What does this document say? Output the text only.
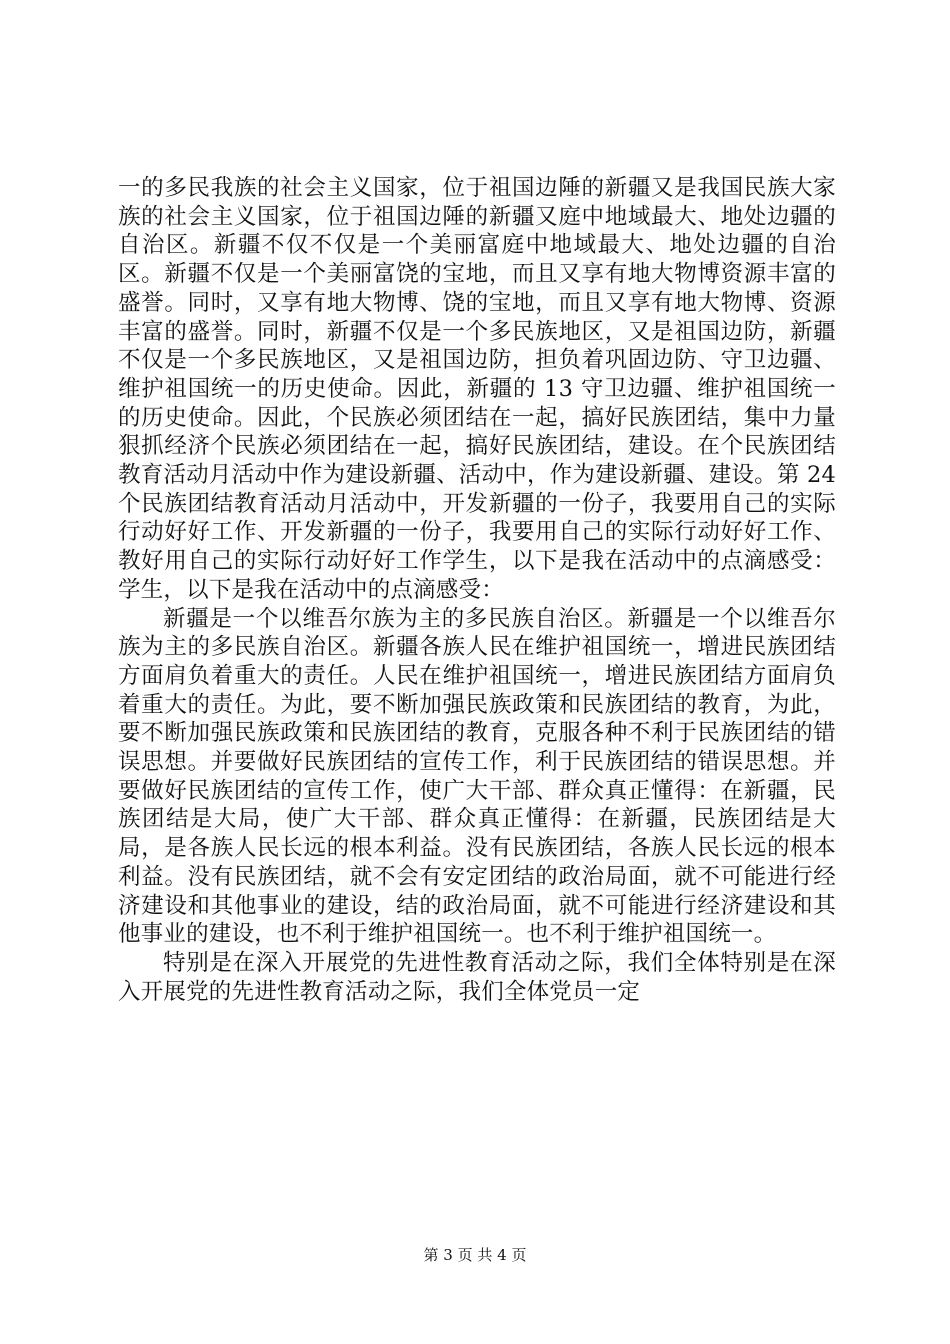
一的多民我族的社会主义国家，位于祖国边陲的新疆又是我国民族大家族的社会主义国家，位于祖国边陲的新疆又庭中地域最大、地处边疆的自治区。新疆不仅不仅是一个美丽富庭中地域最大、地处边疆的自治区。新疆不仅是一个美丽富饶的宝地，而且又享有地大物博资源丰富的盛誉。同时，又享有地大物博、饶的宝地，而且又享有地大物博、资源丰富的盛誉。同时，新疆不仅是一个多民族地区，又是祖国边防，新疆不仅是一个多民族地区，又是祖国边防，担负着巩固边防、守卫边疆、维护祖国统一的历史使命。因此，新疆的 13 守卫边疆、维护祖国统一的历史使命。因此，个民族必须团结在一起，搞好民族团结，集中力量狠抓经济个民族必须团结在一起，搞好民族团结，建设。在个民族团结教育活动月活动中作为建设新疆、活动中，作为建设新疆、建设。第 24 个民族团结教育活动月活动中，开发新疆的一份子，我要用自己的实际行动好好工作、开发新疆的一份子，我要用自己的实际行动好好工作、教好用自己的实际行动好好工作学生，以下是我在活动中的点滴感受：学生，以下是我在活动中的点滴感受：

新疆是一个以维吾尔族为主的多民族自治区。新疆是一个以维吾尔族为主的多民族自治区。新疆各族人民在维护祖国统一，增进民族团结方面肩负着重大的责任。人民在维护祖国统一，增进民族团结方面肩负着重大的责任。为此，要不断加强民族政策和民族团结的教育，为此，要不断加强民族政策和民族团结的教育，克服各种不利于民族团结的错误思想。并要做好民族团结的宣传工作，利于民族团结的错误思想。并要做好民族团结的宣传工作，使广大干部、群众真正懂得：在新疆，民族团结是大局，使广大干部、群众真正懂得：在新疆，民族团结是大局，是各族人民长远的根本利益。没有民族团结，各族人民长远的根本利益。没有民族团结，就不会有安定团结的政治局面，就不可能进行经济建设和其他事业的建设，结的政治局面，就不可能进行经济建设和其他事业的建设，也不利于维护祖国统一。也不利于维护祖国统一。

特别是在深入开展党的先进性教育活动之际，我们全体特别是在深入开展党的先进性教育活动之际，我们全体党员一定

第 3 页 共 4 页
